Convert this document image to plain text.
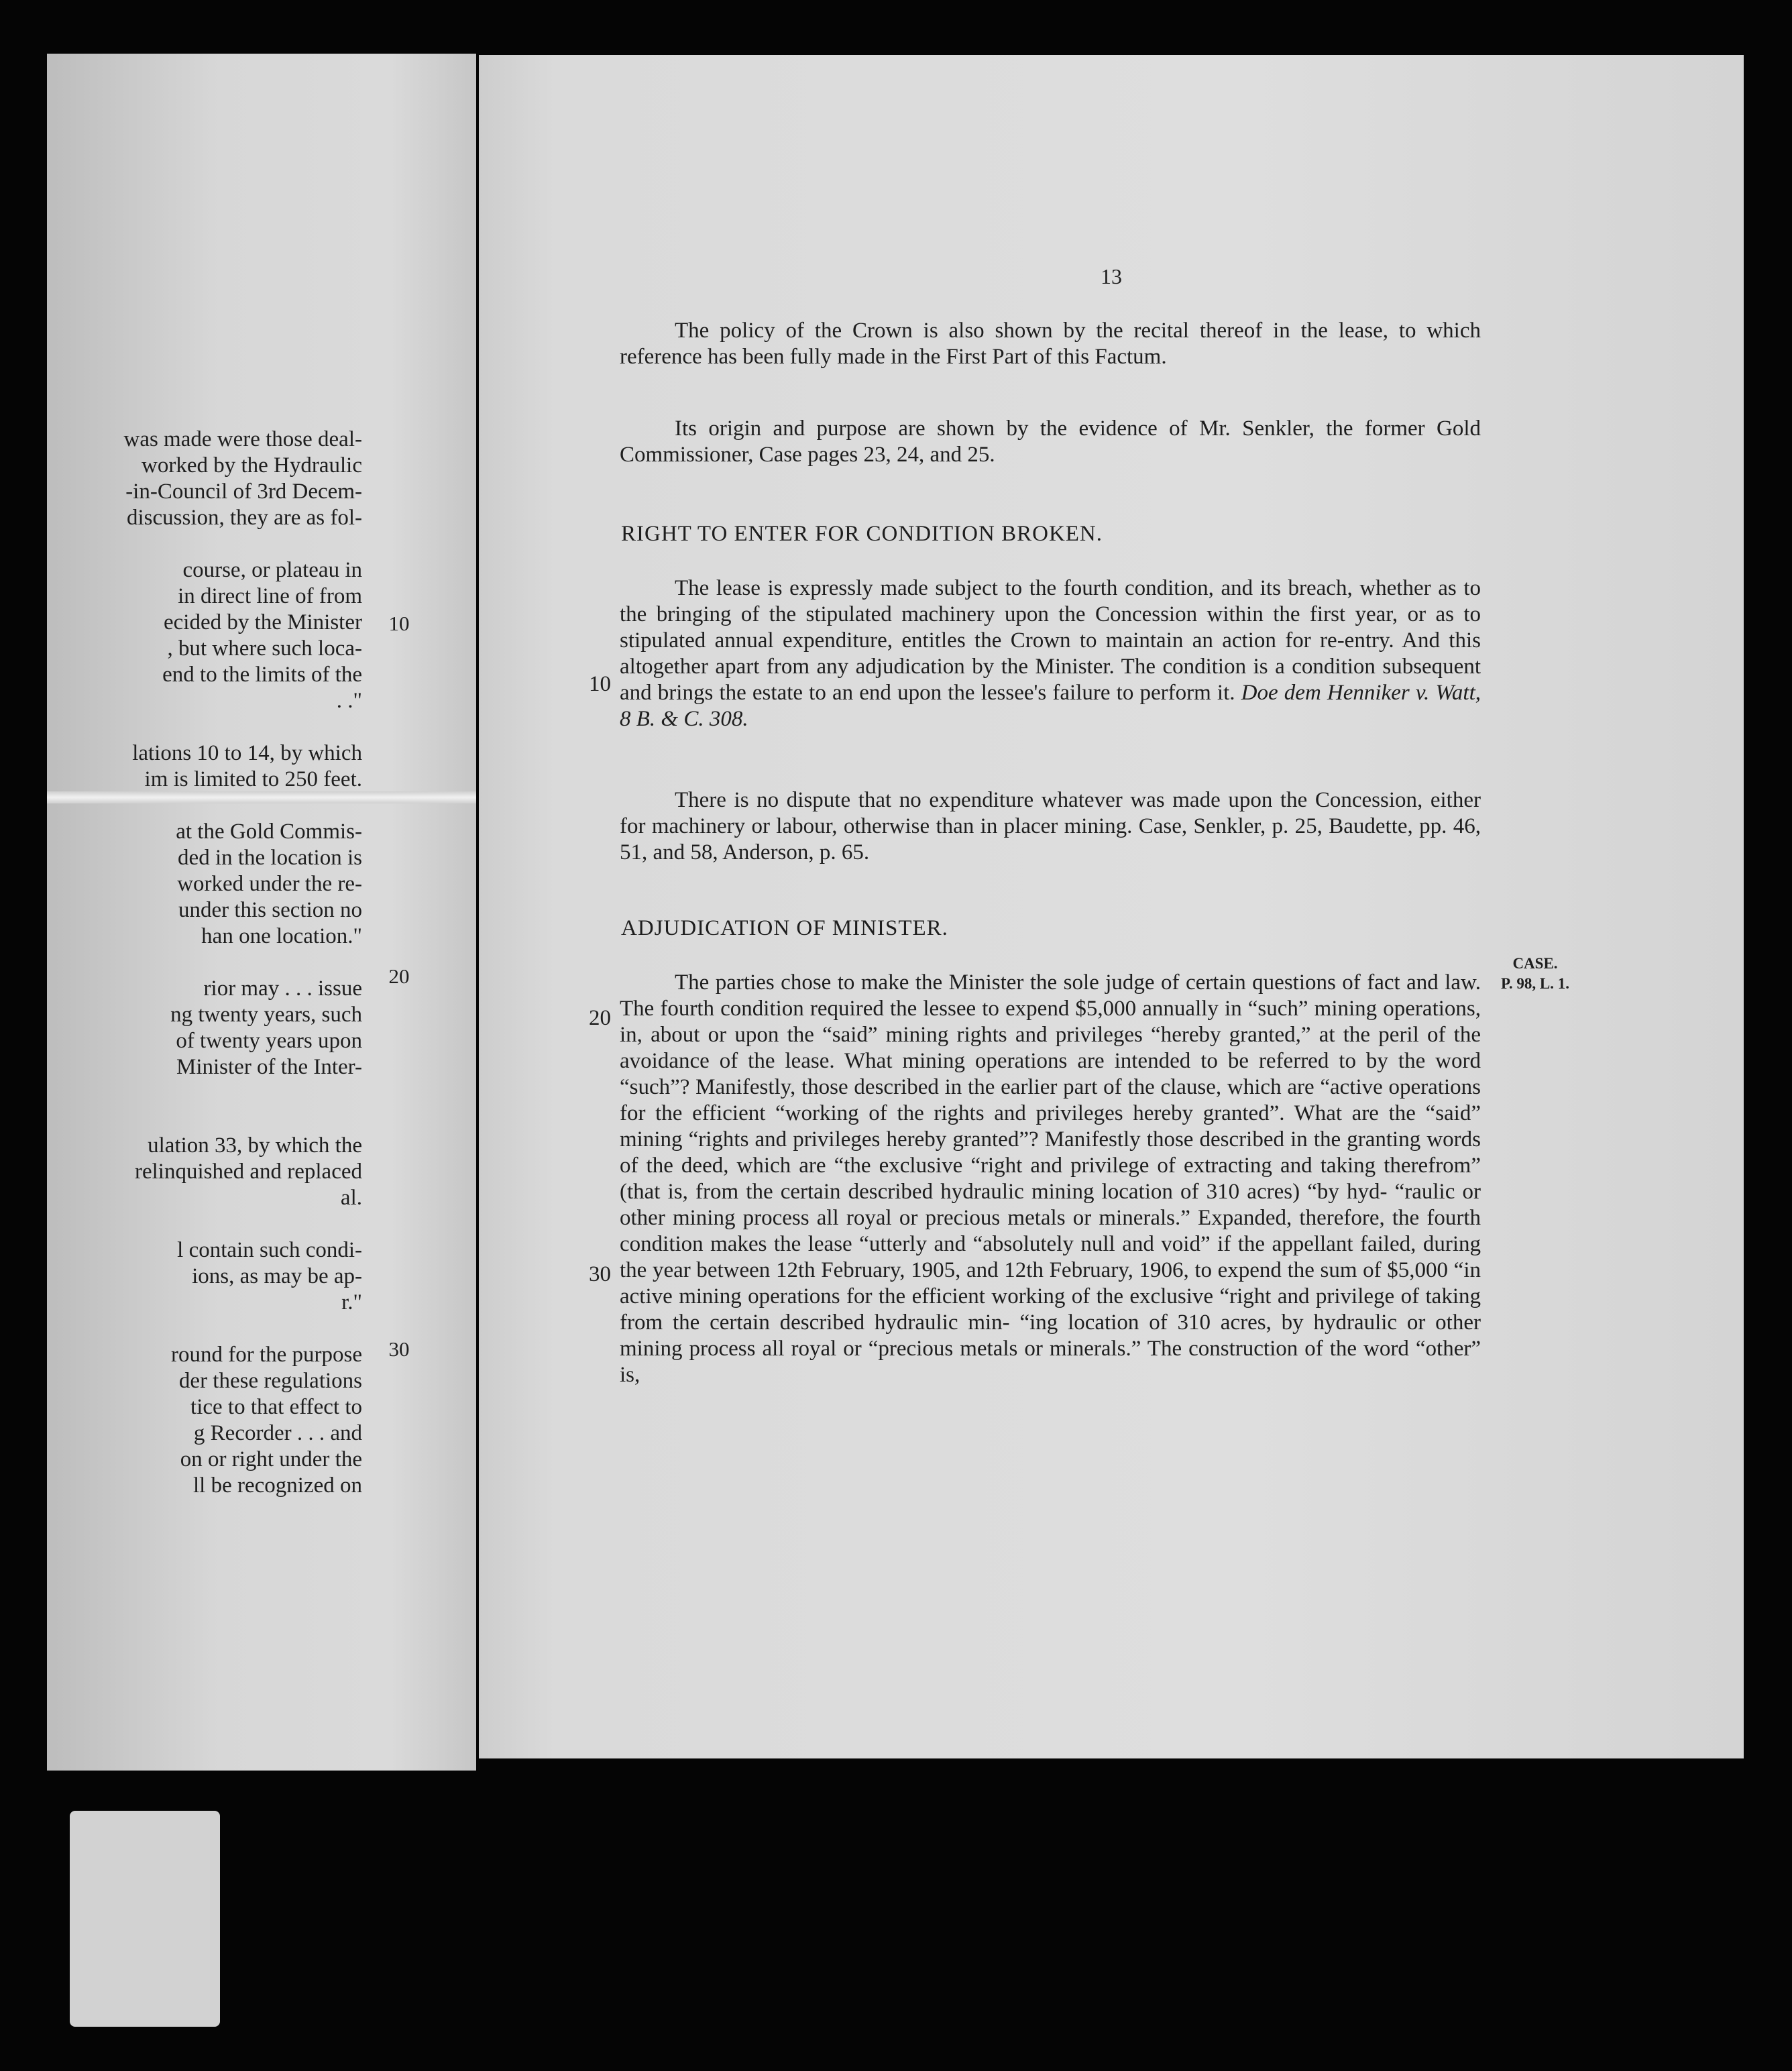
was made were those deal-
worked by the Hydraulic
-in-Council of 3rd Decem-
discussion, they are as fol-
course, or plateau in
in direct line of from
ecided by the Minister
, but where such loca-
end to the limits of the
. ."
lations 10 to 14, by which
im is limited to 250 feet.
at the Gold Commis-
ded in the location is
worked under the re-
under this section no
han one location."
rior may . . . issue
ng twenty years, such
of twenty years upon
Minister of the Inter-
ulation 33, by which the
relinquished and replaced
al.
l contain such condi-
ions, as may be ap-
r."
round for the purpose
der these regulations
tice to that effect to
g Recorder . . . and
on or right under the
ll be recognized on
10
20
30
13

The policy of the Crown is also shown by the recital thereof in the lease, to which reference has been fully made in the First Part of this Factum.

Its origin and purpose are shown by the evidence of Mr. Senkler, the former Gold Commissioner, Case pages 23, 24, and 25.

RIGHT TO ENTER FOR CONDITION BROKEN.

The lease is expressly made subject to the fourth condition, and its breach, whether as to the bringing of the stipulated machinery upon the Concession within the first year, or as to stipulated annual expenditure, entitles the Crown to maintain an action for re-entry. And this altogether apart from any adjudication by the Minister. The condition is a condition subsequent and brings the estate to an end upon the lessee's failure to perform it. Doe dem Henniker v. Watt, 8 B. & C. 308.

10

There is no dispute that no expenditure whatever was made upon the Concession, either for machinery or labour, otherwise than in placer mining. Case, Senkler, p. 25, Baudette, pp. 46, 51, and 58, Anderson, p. 65.

ADJUDICATION OF MINISTER.

The parties chose to make the Minister the sole judge of certain questions of fact and law. The fourth condition required the lessee to expend $5,000 annually in “such” mining operations, in, about or upon the “said” mining rights and privileges “hereby granted,” at the peril of the avoidance of the lease. What mining operations are intended to be referred to by the word “such”? Manifestly, those described in the earlier part of the clause, which are “active operations for the efficient “working of the rights and privileges hereby granted”. What are the “said” mining “rights and privileges hereby granted”? Manifestly those described in the granting words of the deed, which are “the exclusive “right and privilege of extracting and taking therefrom” (that is, from the certain described hydraulic mining location of 310 acres) “by hyd- “raulic or other mining process all royal or precious metals or minerals.” Expanded, therefore, the fourth condition makes the lease “utterly and “absolutely null and void” if the appellant failed, during the year between 12th February, 1905, and 12th February, 1906, to expend the sum of $5,000 “in active mining operations for the efficient working of the exclusive “right and privilege of taking from the certain described hydraulic min- “ing location of 310 acres, by hydraulic or other mining process all royal or “precious metals or minerals.” The construction of the word “other” is,

20
30
CASE.
P. 98, L. 1.
